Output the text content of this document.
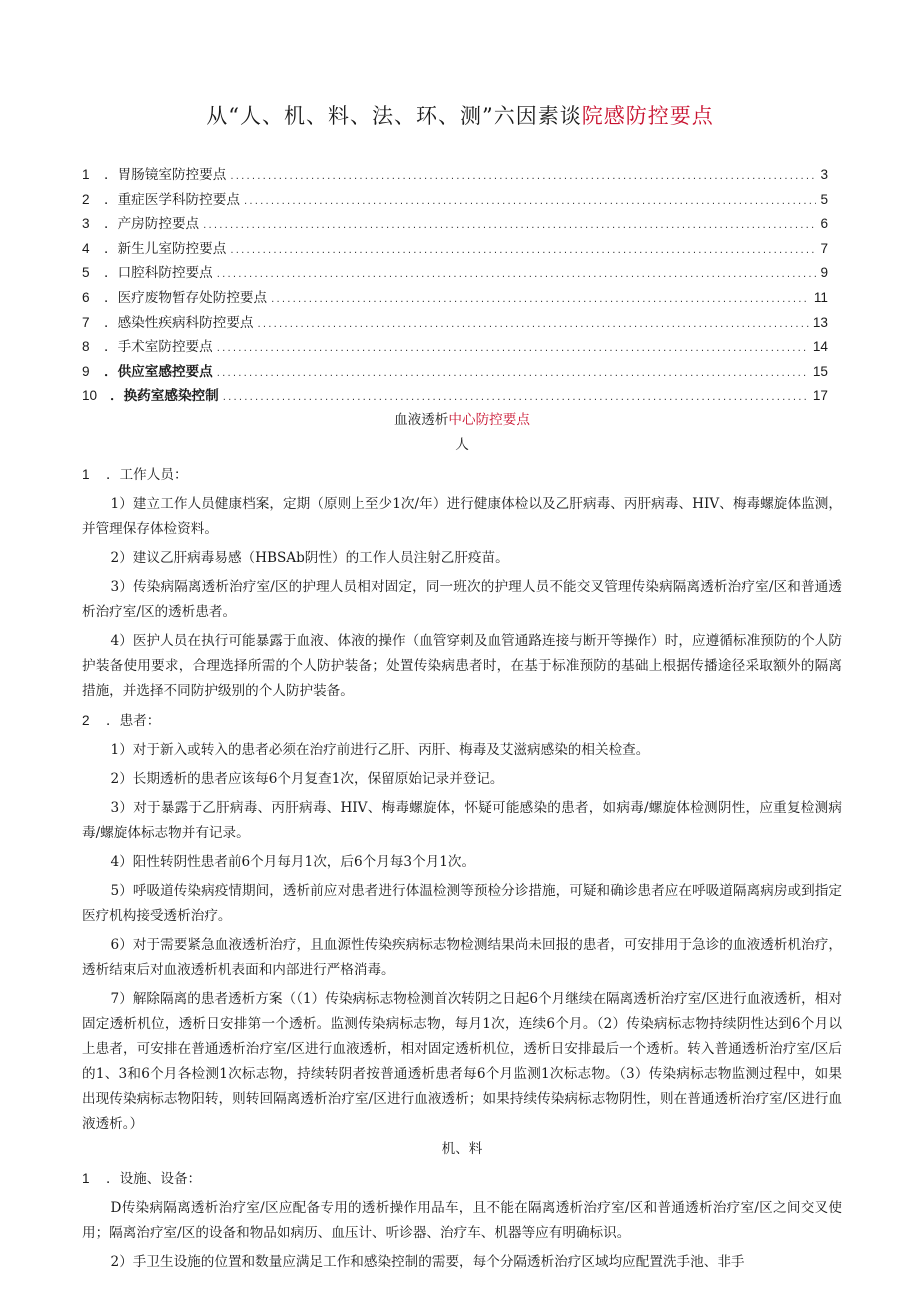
从“人、机、料、法、环、测”六因素谈院感防控要点
1	．胃肠镜室防控要点 .....	3
2	．重症医学科防控要点 .....	5
3	．产房防控要点 .....	6
4	．新生儿室防控要点 .....	7
5	．口腔科防控要点 .....	9
6	．医疗废物暂存处防控要点 .....	11
7	．感染性疾病科防控要点 .....	13
8	．手术室防控要点 .....	14
9	．供应室感控要点 .....	15
10 ．换药室感染控制 .....	17
血液透析中心防控要点
人

1 ．工作人员：

1）建立工作人员健康档案，定期（原则上至少1次/年）进行健康体检以及乙肝病毒、丙肝病毒、HIV、梅毒螺旋体监测，并管理保存体检资料。

2）建议乙肝病毒易感（HBSAb阴性）的工作人员注射乙肝疫苗。

3）传染病隔离透析治疗室/区的护理人员相对固定，同一班次的护理人员不能交叉管理传染病隔离透析治疗室/区和普通透析治疗室/区的透析患者。

4）医护人员在执行可能暴露于血液、体液的操作（血管穿刺及血管通路连接与断开等操作）时，应遵循标准预防的个人防护装备使用要求，合理选择所需的个人防护装备；处置传染病患者时，在基于标准预防的基础上根据传播途径采取额外的隔离措施，并选择不同防护级别的个人防护装备。

2 ．患者：

1）对于新入或转入的患者必须在治疗前进行乙肝、丙肝、梅毒及艾滋病感染的相关检查。

2）长期透析的患者应该每6个月复查1次，保留原始记录并登记。

3）对于暴露于乙肝病毒、丙肝病毒、HIV、梅毒螺旋体，怀疑可能感染的患者，如病毒/螺旋体检测阴性，应重复检测病毒/螺旋体标志物并有记录。

4）阳性转阴性患者前6个月每月1次，后6个月每3个月1次。

5）呼吸道传染病疫情期间，透析前应对患者进行体温检测等预检分诊措施，可疑和确诊患者应在呼吸道隔离病房或到指定医疗机构接受透析治疗。

6）对于需要紧急血液透析治疗，且血源性传染疾病标志物检测结果尚未回报的患者，可安排用于急诊的血液透析机治疗，透析结束后对血液透析机表面和内部进行严格消毒。

7）解除隔离的患者透析方案（（1）传染病标志物检测首次转阴之日起6个月继续在隔离透析治疗室/区进行血液透析，相对固定透析机位，透析日安排第一个透析。监测传染病标志物，每月1次，连续6个月。（2）传染病标志物持续阴性达到6个月以上患者，可安排在普通透析治疗室/区进行血液透析，相对固定透析机位，透析日安排最后一个透析。转入普通透析治疗室/区后的1、3和6个月各检测1次标志物，持续转阴者按普通透析患者每6个月监测1次标志物。（3）传染病标志物监测过程中，如果出现传染病标志物阳转，则转回隔离透析治疗室/区进行血液透析；如果持续传染病标志物阴性，则在普通透析治疗室/区进行血液透析。）

机、料

1 ．设施、设备：

D传染病隔离透析治疗室/区应配备专用的透析操作用品车，且不能在隔离透析治疗室/区和普通透析治疗室/区之间交叉使用；隔离治疗室/区的设备和物品如病历、血压计、听诊器、治疗车、机器等应有明确标识。

2）手卫生设施的位置和数量应满足工作和感染控制的需要，每个分隔透析治疗区域均应配置洗手池、非手
